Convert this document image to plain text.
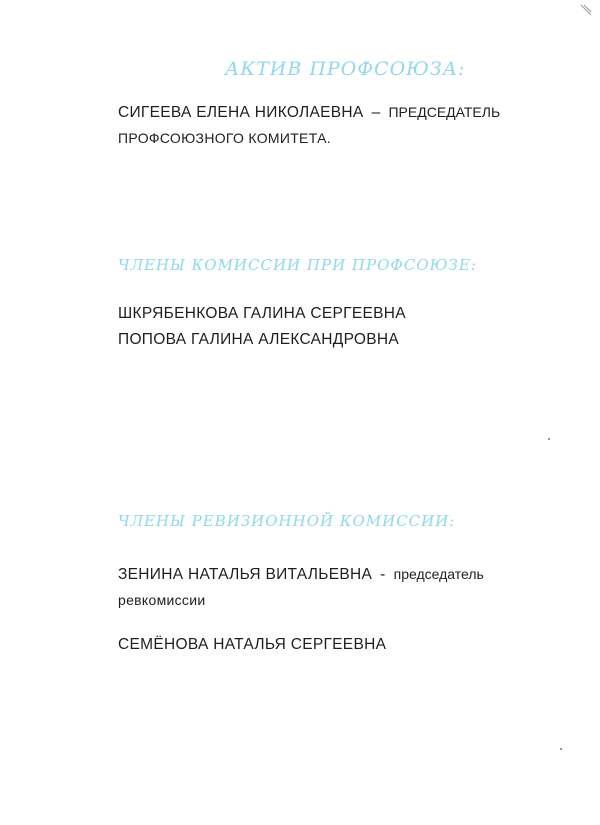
АКТИВ ПРОФСОЮЗА:
СИГЕЕВА ЕЛЕНА НИКОЛАЕВНА – ПРЕДСЕДАТЕЛЬ
ПРОФСОЮЗНОГО КОМИТЕТА.
ЧЛЕНЫ КОМИССИИ ПРИ ПРОФСОЮЗЕ:
ШКРЯБЕНКОВА ГАЛИНА СЕРГЕЕВНА
ПОПОВА ГАЛИНА АЛЕКСАНДРОВНА
ЧЛЕНЫ РЕВИЗИОННОЙ КОМИССИИ:
ЗЕНИНА НАТАЛЬЯ ВИТАЛЬЕВНА - председатель
ревкомиссии
СЕМЁНОВА НАТАЛЬЯ СЕРГЕЕВНА
